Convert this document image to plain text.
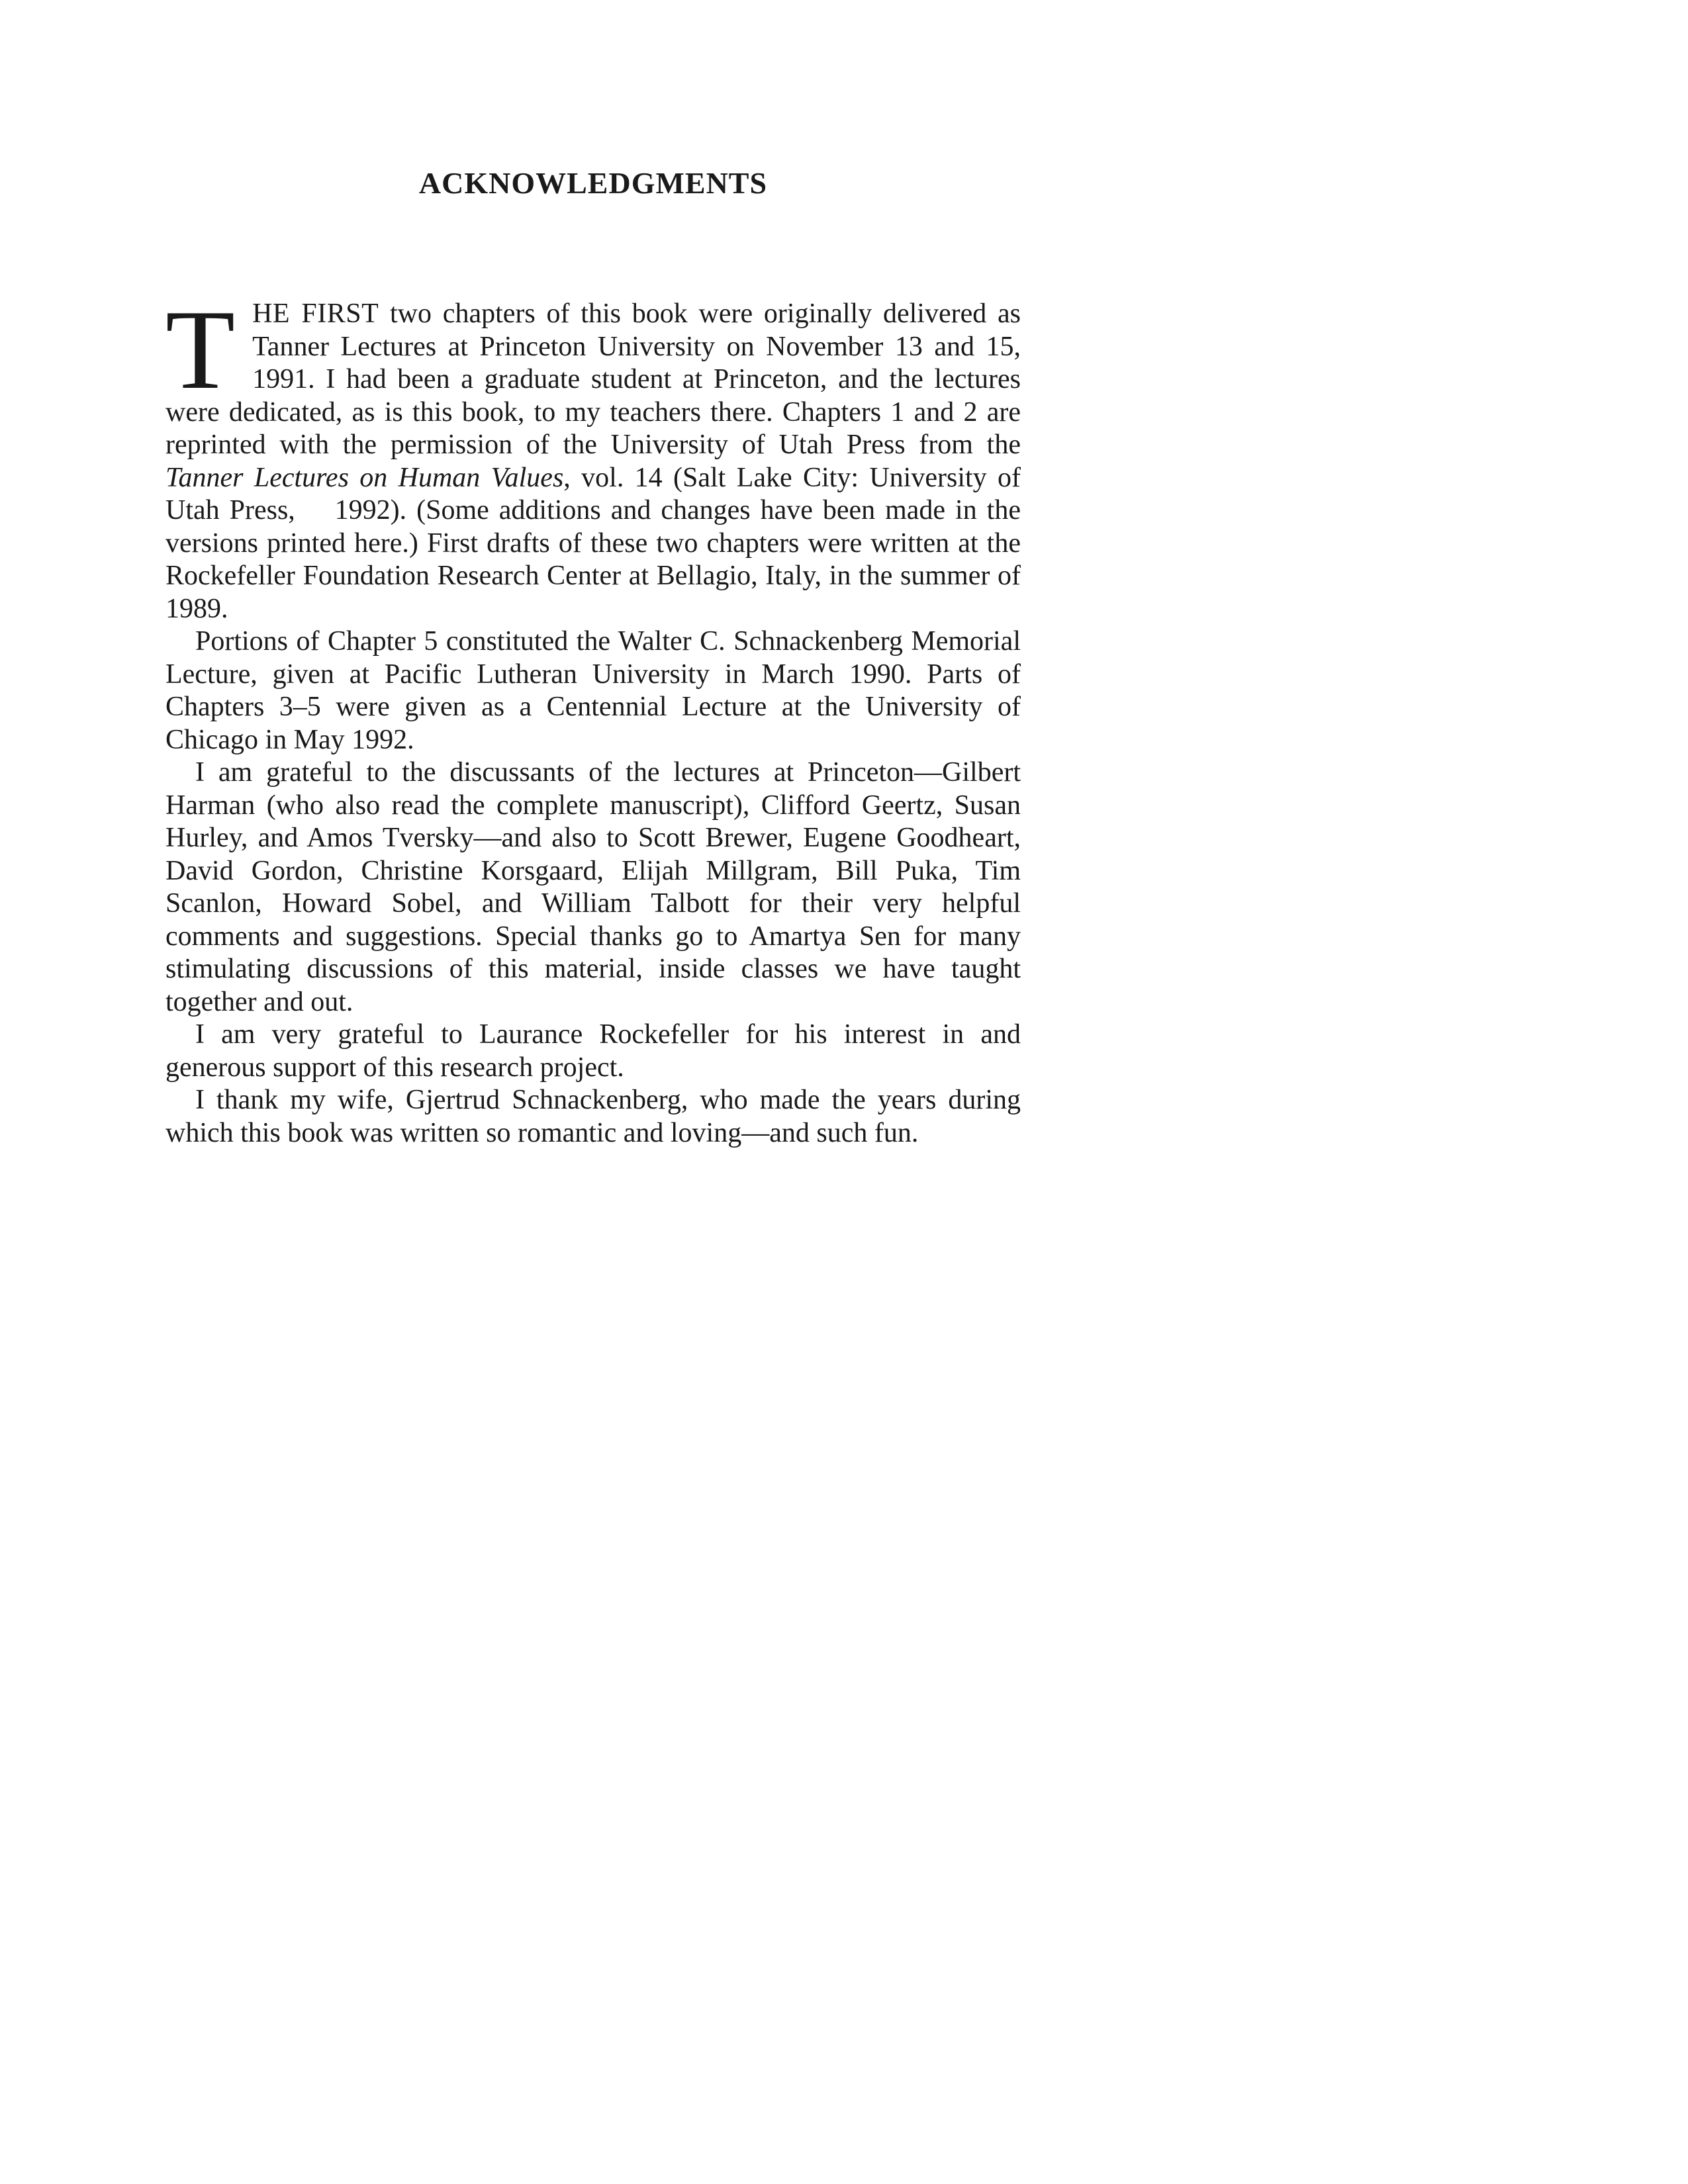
ACKNOWLEDGMENTS

THE FIRST two chapters of this book were originally delivered as Tanner Lectures at Princeton University on November 13 and 15, 1991. I had been a graduate student at Princeton, and the lectures were dedicated, as is this book, to my teachers there. Chapters 1 and 2 are reprinted with the permission of the University of Utah Press from the Tanner Lectures on Human Values, vol. 14 (Salt Lake City: University of Utah Press,    1992). (Some additions and changes have been made in the versions printed here.) First drafts of these two chapters were written at the Rockefeller Foundation Research Center at Bellagio, Italy, in the summer of 1989.

Portions of Chapter 5 constituted the Walter C. Schnackenberg Memorial Lecture, given at Pacific Lutheran University in March 1990. Parts of Chapters 3–5 were given as a Centennial Lecture at the University of Chicago in May 1992.

I am grateful to the discussants of the lectures at Princeton—Gilbert Harman (who also read the complete manuscript), Clifford Geertz, Susan Hurley, and Amos Tversky—and also to Scott Brewer, Eugene Goodheart, David Gordon, Christine Korsgaard, Elijah Millgram, Bill Puka, Tim Scanlon, Howard Sobel, and William Talbott for their very helpful comments and suggestions. Special thanks go to Amartya Sen for many stimulating discussions of this material, inside classes we have taught together and out.

I am very grateful to Laurance Rockefeller for his interest in and generous support of this research project.

I thank my wife, Gjertrud Schnackenberg, who made the years during which this book was written so romantic and loving—and such fun.
